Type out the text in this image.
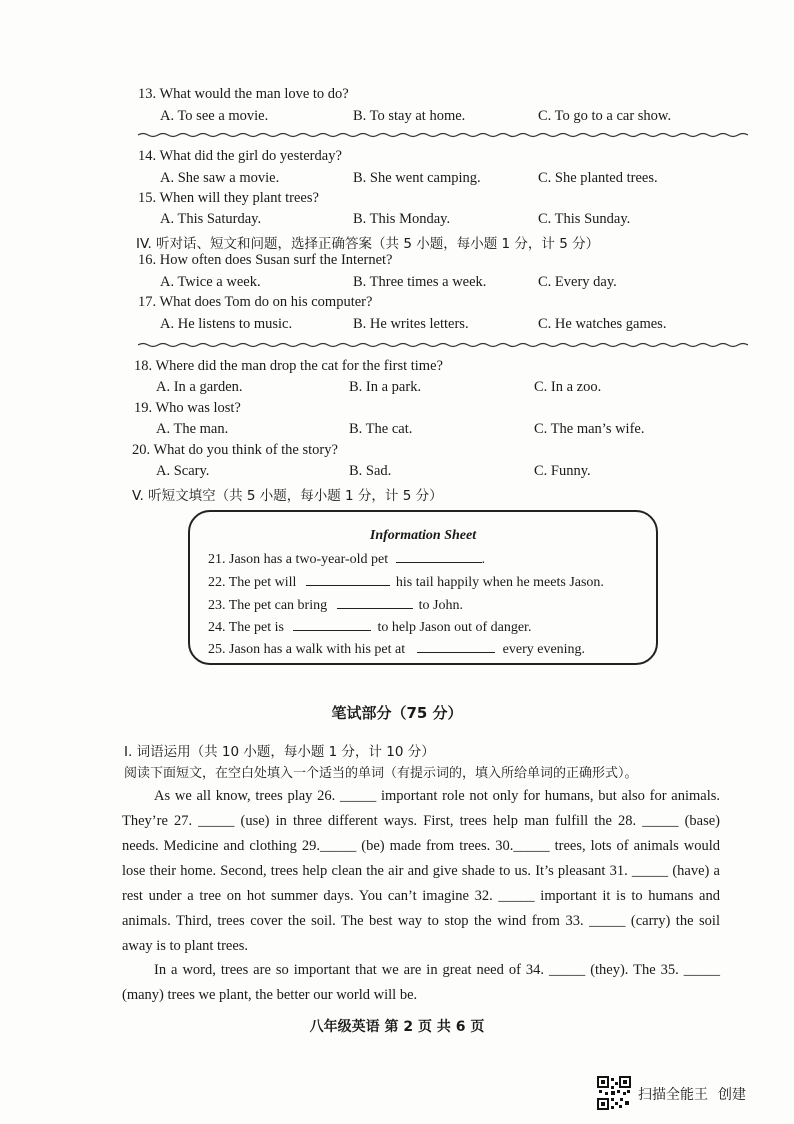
13. What would the man love to do?
A. To see a movie.	B. To stay at home.	C. To go to a car show.
14. What did the girl do yesterday?
A. She saw a movie.	B. She went camping.	C. She planted trees.
15. When will they plant trees?
A. This Saturday.	B. This Monday.	C. This Sunday.
IV. 听对话、短文和问题，选择正确答案（共 5 小题，每小题 1 分，计 5 分）
16. How often does Susan surf the Internet?
A. Twice a week.	B. Three times a week.	C. Every day.
17. What does Tom do on his computer?
A. He listens to music.	B. He writes letters.	C. He watches games.
18. Where did the man drop the cat for the first time?
A. In a garden.	B. In a park.	C. In a zoo.
19. Who was lost?
A. The man.	B. The cat.	C. The man’s wife.
20. What do you think of the story?
A. Scary.	B. Sad.	C. Funny.
V. 听短文填空（共 5 小题，每小题 1 分，计 5 分）
Information Sheet
21. Jason has a two-year-old pet	.
22. The pet will	his tail happily when he meets Jason.
23. The pet can bring	to John.
24. The pet is	to help Jason out of danger.
25. Jason has a walk with his pet at	every evening.
笔试部分（75 分）
I. 词语运用（共 10 小题，每小题 1 分，计 10 分）
阅读下面短文，在空白处填入一个适当的单词（有提示词的，填入所给单词的正确形式）。
As we all know, trees play 26. _____ important role not only for humans, but also for animals. They’re 27. _____ (use) in three different ways. First, trees help man fulfill the 28. _____ (base) needs. Medicine and clothing 29._____ (be) made from trees. 30._____ trees, lots of animals would lose their home. Second, trees help clean the air and give shade to us. It’s pleasant 31. _____ (have) a rest under a tree on hot summer days. You can’t imagine 32. _____ important it is to humans and animals. Third, trees cover the soil. The best way to stop the wind from 33. _____ (carry) the soil away is to plant trees.
In a word, trees are so important that we are in great need of 34. _____ (they). The 35. _____ (many) trees we plant, the better our world will be.
八年级英语 第 2 页 共 6 页
扫描全能王 创建
